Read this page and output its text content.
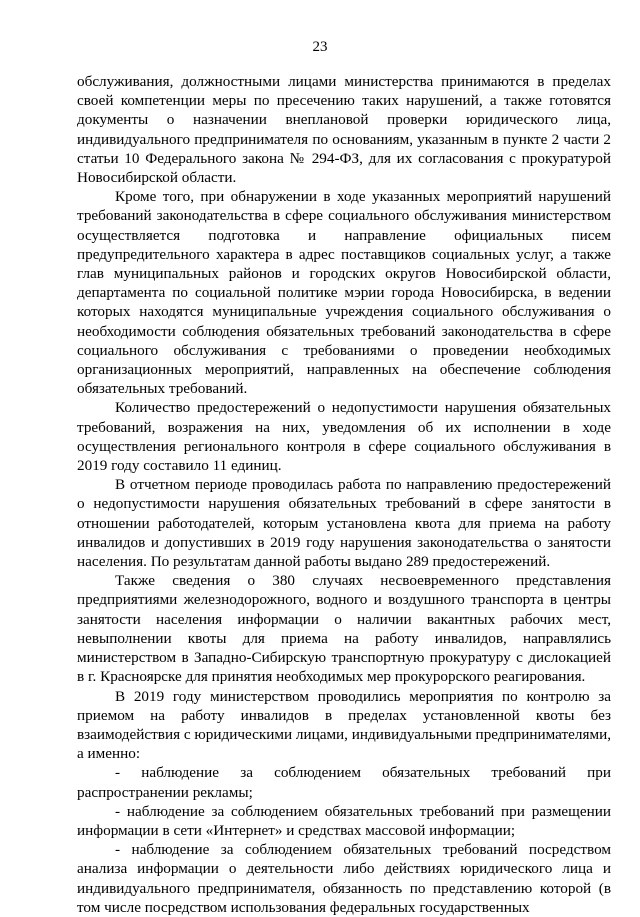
23

обслуживания, должностными лицами министерства принимаются в пределах своей компетенции меры по пресечению таких нарушений, а также готовятся документы о назначении внеплановой проверки юридического лица, индивидуального предпринимателя по основаниям, указанным в пункте 2 части 2 статьи 10 Федерального закона № 294-ФЗ, для их согласования с прокуратурой Новосибирской области.

Кроме того, при обнаружении в ходе указанных мероприятий нарушений требований законодательства в сфере социального обслуживания министерством осуществляется подготовка и направление официальных писем предупредительного характера в адрес поставщиков социальных услуг, а также глав муниципальных районов и городских округов Новосибирской области, департамента по социальной политике мэрии города Новосибирска, в ведении которых находятся муниципальные учреждения социального обслуживания о необходимости соблюдения обязательных требований законодательства в сфере социального обслуживания с требованиями о проведении необходимых организационных мероприятий, направленных на обеспечение соблюдения обязательных требований.

Количество предостережений о недопустимости нарушения обязательных требований, возражения на них, уведомления об их исполнении в ходе осуществления регионального контроля в сфере социального обслуживания в 2019 году составило 11 единиц.

В отчетном периоде проводилась работа по направлению предостережений о недопустимости нарушения обязательных требований в сфере занятости в отношении работодателей, которым установлена квота для приема на работу инвалидов и допустивших в 2019 году нарушения законодательства о занятости населения. По результатам данной работы выдано 289 предостережений.

Также сведения о 380 случаях несвоевременного представления предприятиями железнодорожного, водного и воздушного транспорта в центры занятости населения информации о наличии вакантных рабочих мест, невыполнении квоты для приема на работу инвалидов, направлялись министерством в Западно-Сибирскую транспортную прокуратуру с дислокацией в г. Красноярске для принятия необходимых мер прокурорского реагирования.

В 2019 году министерством проводились мероприятия по контролю за приемом на работу инвалидов в пределах установленной квоты без взаимодействия с юридическими лицами, индивидуальными предпринимателями, а именно:

- наблюдение за соблюдением обязательных требований при распространении рекламы;

- наблюдение за соблюдением обязательных требований при размещении информации в сети «Интернет» и средствах массовой информации;

- наблюдение за соблюдением обязательных требований посредством анализа информации о деятельности либо действиях юридического лица и индивидуального предпринимателя, обязанность по представлению которой (в том числе посредством использования федеральных государственных
